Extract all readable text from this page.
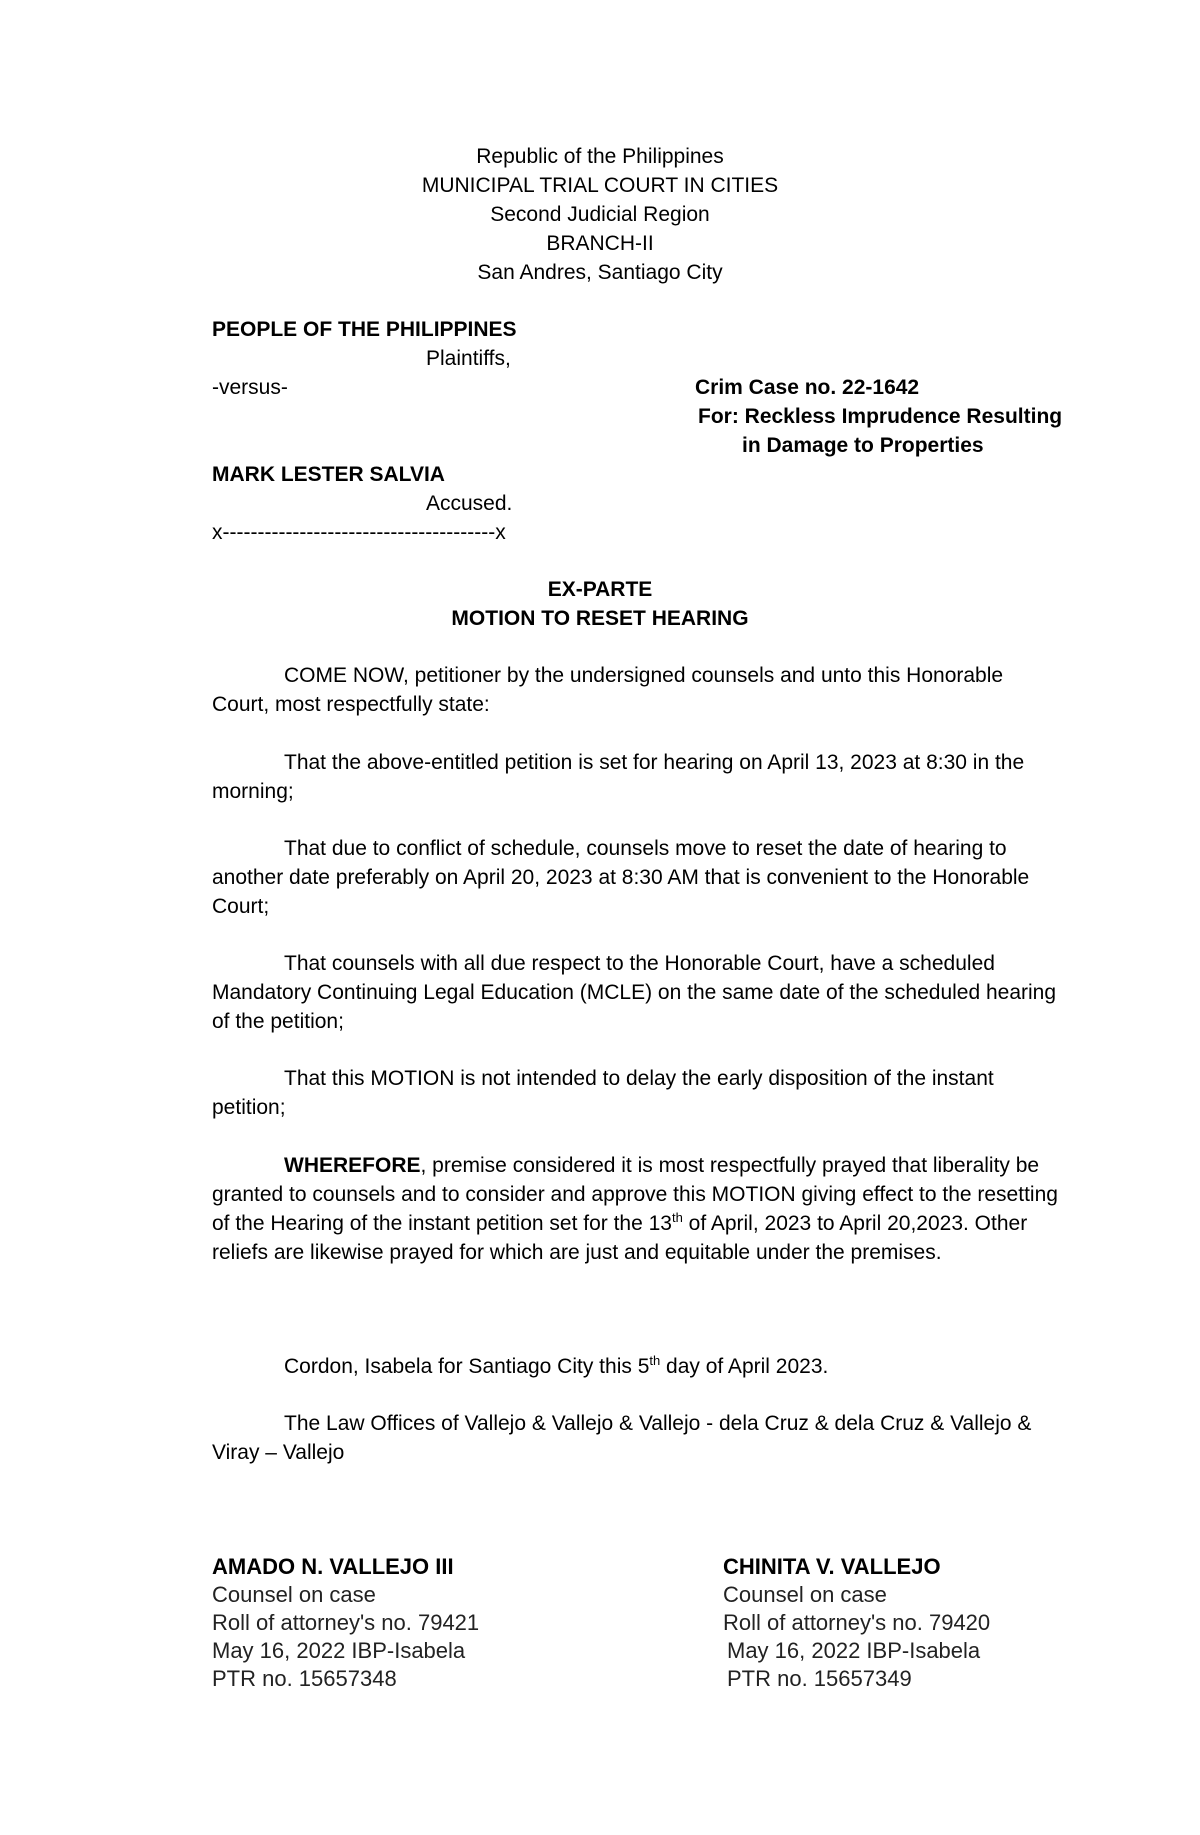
Republic of the Philippines
MUNICIPAL TRIAL COURT IN CITIES
Second Judicial Region
BRANCH-II
San Andres, Santiago City
PEOPLE OF THE PHILIPPINES
Plaintiffs,
-versus-	Crim Case no. 22-1642
For: Reckless Imprudence Resulting
in Damage to Properties
MARK LESTER SALVIA
Accused.
x---------------------------------------x
EX-PARTE
MOTION TO RESET HEARING
COME NOW, petitioner by the undersigned counsels and unto this Honorable Court, most respectfully state:
That the above-entitled petition is set for hearing on April 13, 2023 at 8:30 in the morning;
That due to conflict of schedule, counsels move to reset the date of hearing to another date preferably on April 20, 2023 at 8:30 AM that is convenient to the Honorable Court;
That counsels with all due respect to the Honorable Court, have a scheduled Mandatory Continuing Legal Education (MCLE) on the same date of the scheduled hearing of the petition;
That this MOTION is not intended to delay the early disposition of the instant petition;
WHEREFORE, premise considered it is most respectfully prayed that liberality be granted to counsels and to consider and approve this MOTION giving effect to the resetting of the Hearing of the instant petition set for the 13th of April, 2023 to April 20,2023. Other reliefs are likewise prayed for which are just and equitable under the premises.
Cordon, Isabela for Santiago City this 5th day of April 2023.
The Law Offices of Vallejo & Vallejo & Vallejo - dela Cruz & dela Cruz & Vallejo & Viray – Vallejo
AMADO N. VALLEJO III
Counsel on case
Roll of attorney's no. 79421
May 16, 2022 IBP-Isabela
PTR no. 15657348
CHINITA V. VALLEJO
Counsel on case
Roll of attorney's no. 79420
May 16, 2022 IBP-Isabela
PTR no. 15657349
